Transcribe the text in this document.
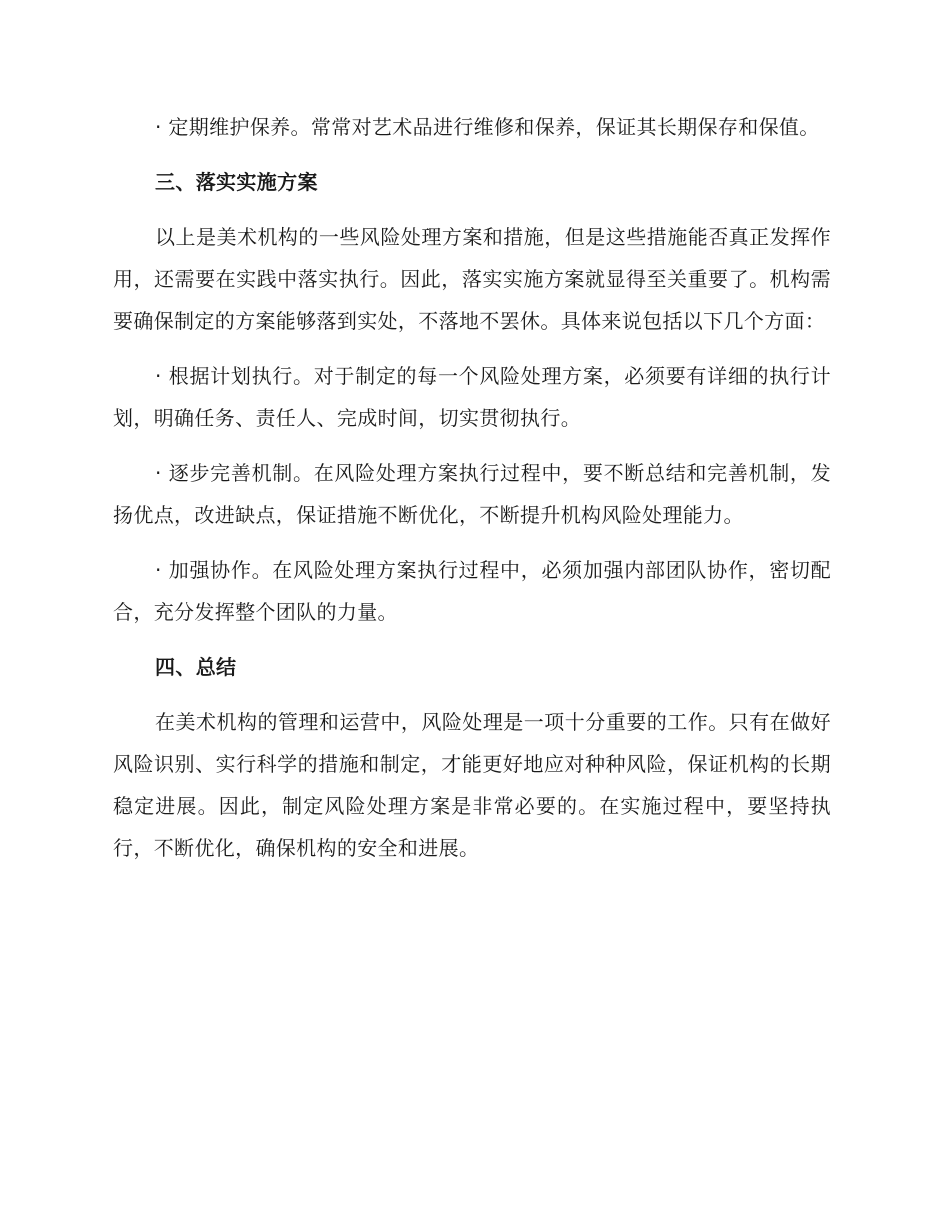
· 定期维护保养。常常对艺术品进行维修和保养，保证其长期保存和保值。

三、落实实施方案

以上是美术机构的一些风险处理方案和措施，但是这些措施能否真正发挥作用，还需要在实践中落实执行。因此，落实实施方案就显得至关重要了。机构需要确保制定的方案能够落到实处，不落地不罢休。具体来说包括以下几个方面：

· 根据计划执行。对于制定的每一个风险处理方案，必须要有详细的执行计划，明确任务、责任人、完成时间，切实贯彻执行。

· 逐步完善机制。在风险处理方案执行过程中，要不断总结和完善机制，发扬优点，改进缺点，保证措施不断优化，不断提升机构风险处理能力。

· 加强协作。在风险处理方案执行过程中，必须加强内部团队协作，密切配合，充分发挥整个团队的力量。

四、总结

在美术机构的管理和运营中，风险处理是一项十分重要的工作。只有在做好风险识别、实行科学的措施和制定，才能更好地应对种种风险，保证机构的长期稳定进展。因此，制定风险处理方案是非常必要的。在实施过程中，要坚持执行，不断优化，确保机构的安全和进展。
